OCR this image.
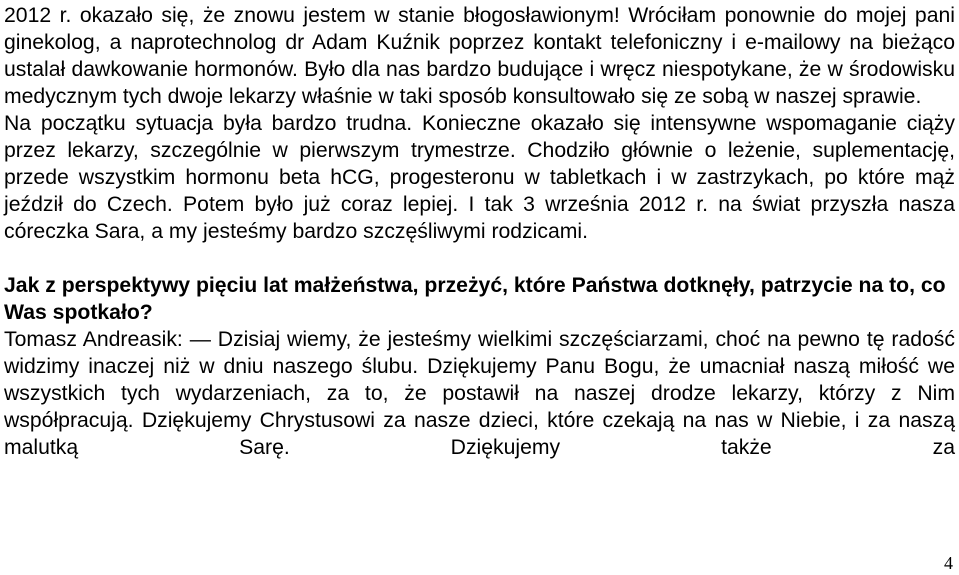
2012 r. okazało się, że znowu jestem w stanie błogosławionym! Wróciłam ponownie do mojej pani ginekolog, a naprotechnolog dr Adam Kuźnik poprzez kontakt telefoniczny i e-mailowy na bieżąco ustalał dawkowanie hormonów. Było dla nas bardzo budujące i wręcz niespotykane, że w środowisku medycznym tych dwoje lekarzy właśnie w taki sposób konsultowało się ze sobą w naszej sprawie.

Na początku sytuacja była bardzo trudna. Konieczne okazało się intensywne wspomaganie ciąży przez lekarzy, szczególnie w pierwszym trymestrze. Chodziło głównie o leżenie, suplementację, przede wszystkim hormonu beta hCG, progesteronu w tabletkach i w zastrzykach, po które mąż jeździł do Czech. Potem było już coraz lepiej. I tak 3 września 2012 r. na świat przyszła nasza córeczka Sara, a my jesteśmy bardzo szczęśliwymi rodzicami.

Jak z perspektywy pięciu lat małżeństwa, przeżyć, które Państwa dotknęły, patrzycie na to, co Was spotkało?

Tomasz Andreasik: — Dzisiaj wiemy, że jesteśmy wielkimi szczęściarzami, choć na pewno tę radość widzimy inaczej niż w dniu naszego ślubu. Dziękujemy Panu Bogu, że umacniał naszą miłość we wszystkich tych wydarzeniach, za to, że postawił na naszej drodze lekarzy, którzy z Nim współpracują. Dziękujemy Chrystusowi za nasze dzieci, które czekają na nas w Niebie, i za naszą malutką Sarę. Dziękujemy także za

4
